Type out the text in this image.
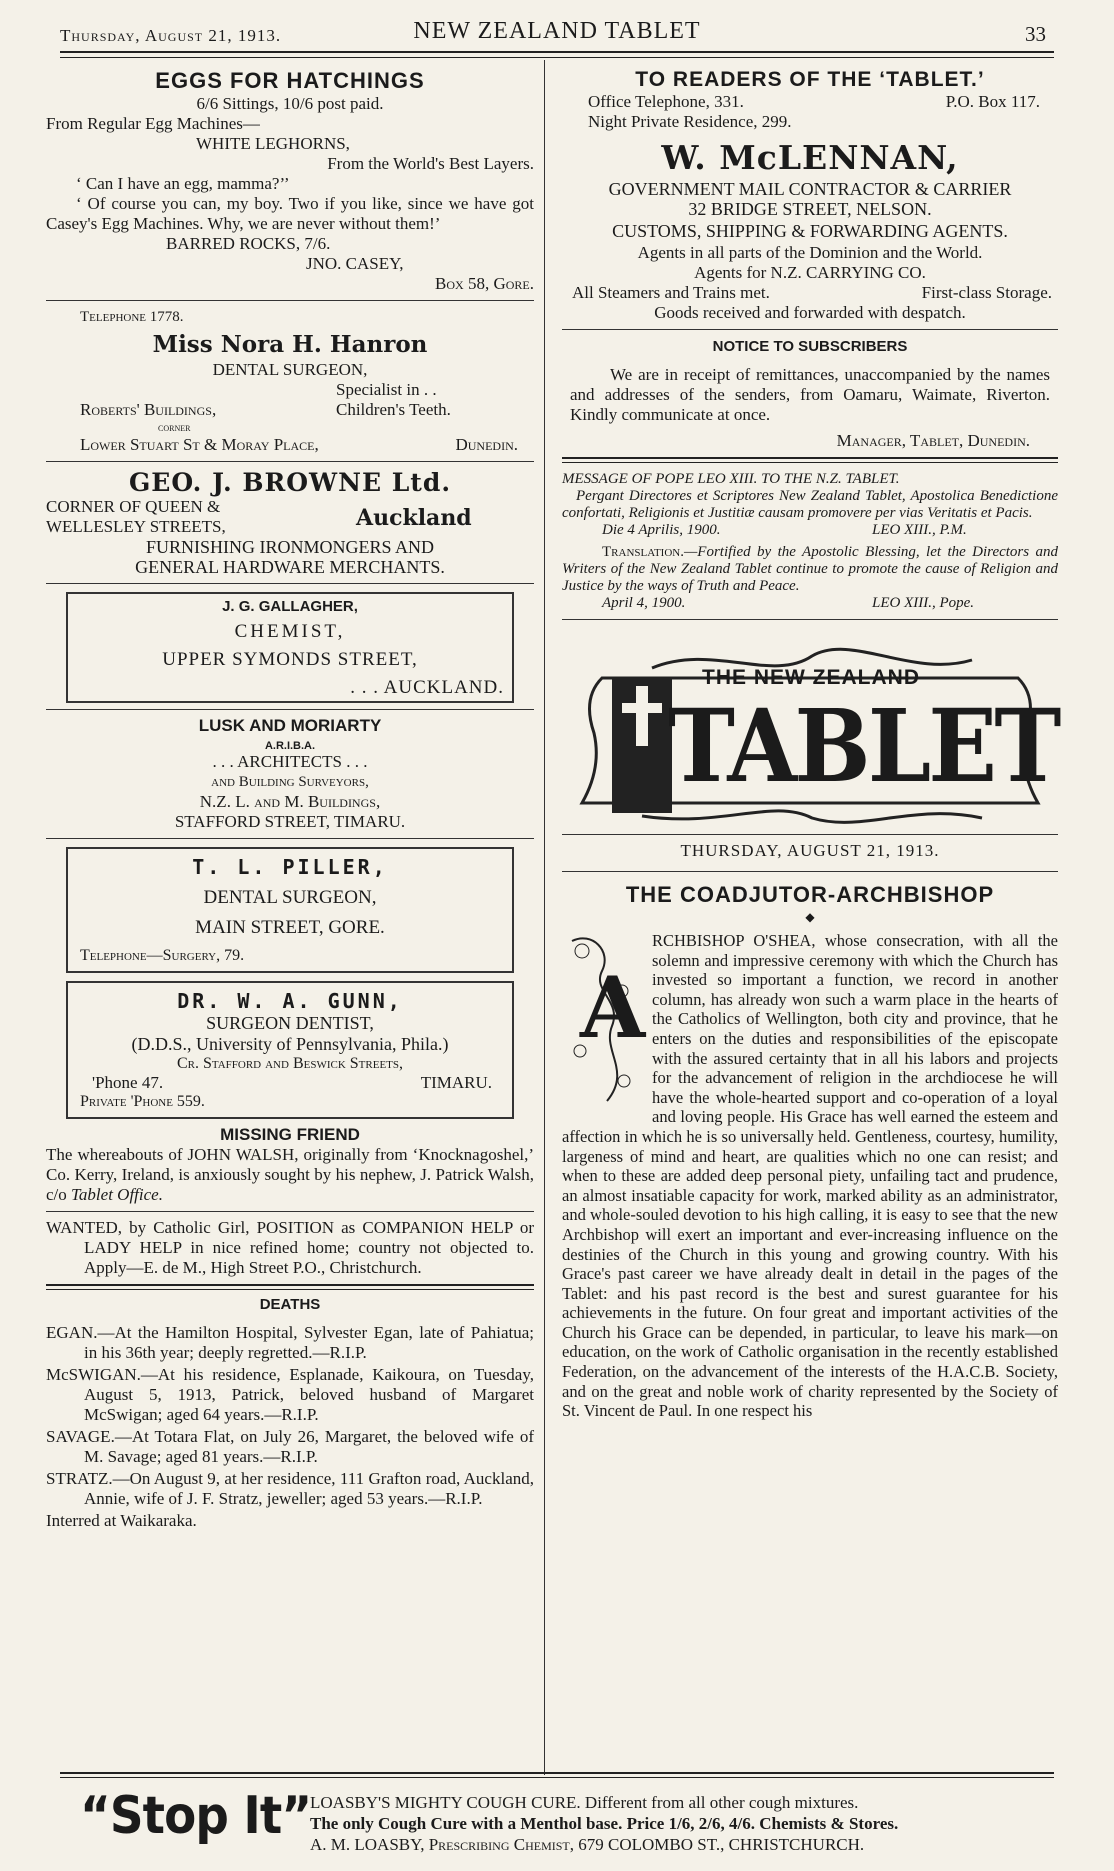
Thursday, August 21, 1913.	NEW ZEALAND TABLET	33
EGGS FOR HATCHINGS
6/6 Sittings, 10/6 post paid.
From Regular Egg Machines—
WHITE LEGHORNS,
From the World's Best Layers.
‘ Can I have an egg, mamma?’’
‘ Of course you can, my boy. Two if you like, since we have got Casey's Egg Machines. Why, we are never without them!’
BARRED ROCKS, 7/6.
JNO. CASEY,
Box 58, Gore.
Telephone 1778.
Miss Nora H. Hanron
DENTAL SURGEON,
Specialist in . .
Roberts' Buildings,	Children's Teeth.
corner
Lower Stuart St & Moray Place,	Dunedin.
GEO. J. BROWNE Ltd.
CORNER OF QUEEN &
WELLESLEY STREETS,	Auckland
FURNISHING IRONMONGERS AND
GENERAL HARDWARE MERCHANTS.
J. G. GALLAGHER,
CHEMIST,
UPPER SYMONDS STREET,
. . . AUCKLAND.
LUSK AND MORIARTY
A.R.I.B.A.
. . . ARCHITECTS . . .
and Building Surveyors,
N.Z. L. and M. Buildings,
STAFFORD STREET, TIMARU.
T. L. PILLER,
DENTAL SURGEON,
MAIN STREET, GORE.
Telephone—Surgery, 79.
DR. W. A. GUNN,
SURGEON DENTIST,
(D.D.S., University of Pennsylvania, Phila.)
Cr. Stafford and Beswick Streets,
'Phone 47.	TIMARU.
Private 'Phone 559.
MISSING FRIEND
The whereabouts of JOHN WALSH, originally from ‘Knocknagoshel,’ Co. Kerry, Ireland, is anxiously sought by his nephew, J. Patrick Walsh, c/o Tablet Office.

WANTED, by Catholic Girl, POSITION as COMPANION HELP or LADY HELP in nice refined home; country not objected to. Apply—E. de M., High Street P.O., Christchurch.

DEATHS

EGAN.—At the Hamilton Hospital, Sylvester Egan, late of Pahiatua; in his 36th year; deeply regretted.—R.I.P.

McSWIGAN.—At his residence, Esplanade, Kaikoura, on Tuesday, August 5, 1913, Patrick, beloved husband of Margaret McSwigan; aged 64 years.—R.I.P.

SAVAGE.—At Totara Flat, on July 26, Margaret, the beloved wife of M. Savage; aged 81 years.—R.I.P.

STRATZ.—On August 9, at her residence, 111 Grafton road, Auckland, Annie, wife of J. F. Stratz, jeweller; aged 53 years.—R.I.P.

Interred at Waikaraka.

TO READERS OF THE ‘TABLET.’
Office Telephone, 331.	P.O. Box 117.
Night Private Residence, 299.
W. McLENNAN,
GOVERNMENT MAIL CONTRACTOR & CARRIER
32 BRIDGE STREET, NELSON.
CUSTOMS, SHIPPING & FORWARDING AGENTS.
Agents in all parts of the Dominion and the World.
Agents for N.Z. CARRYING CO.
All Steamers and Trains met.	First-class Storage.
Goods received and forwarded with despatch.
NOTICE TO SUBSCRIBERS
We are in receipt of remittances, unaccompanied by the names and addresses of the senders, from Oamaru, Waimate, Riverton. Kindly communicate at once.
Manager, Tablet, Dunedin.
MESSAGE OF POPE LEO XIII. TO THE N.Z. TABLET.
Pergant Directores et Scriptores New Zealand Tablet, Apostolica Benedictione confortati, Religionis et Justitiæ causam promovere per vias Veritatis et Pacis.
Die 4 Aprilis, 1900.	LEO XIII., P.M.
Translation.—Fortified by the Apostolic Blessing, let the Directors and Writers of the New Zealand Tablet continue to promote the cause of Religion and Justice by the ways of Truth and Peace.
April 4, 1900.	LEO XIII., Pope.
THE NEW ZEALAND
TABLET
THURSDAY, AUGUST 21, 1913.
THE COADJUTOR-ARCHBISHOP
◆
A
RCHBISHOP O'SHEA, whose consecration, with all the solemn and impressive ceremony with which the Church has invested so important a function, we record in another column, has already won such a warm place in the hearts of the Catholics of Wellington, both city and province, that he enters on the duties and responsibilities of the episcopate with the assured certainty that in all his labors and projects for the advancement of religion in the archdiocese he will have the whole-hearted support and co-operation of a loyal and loving people. His Grace has well earned the esteem and affection in which he is so universally held. Gentleness, courtesy, humility, largeness of mind and heart, are qualities which no one can resist; and when to these are added deep personal piety, unfailing tact and prudence, an almost insatiable capacity for work, marked ability as an administrator, and whole-souled devotion to his high calling, it is easy to see that the new Archbishop will exert an important and ever-increasing influence on the destinies of the Church in this young and growing country. With his Grace's past career we have already dealt in detail in the pages of the Tablet: and his past record is the best and surest guarantee for his achievements in the future. On four great and important activities of the Church his Grace can be depended, in particular, to leave his mark—on education, on the work of Catholic organisation in the recently established Federation, on the advancement of the interests of the H.A.C.B. Society, and on the great and noble work of charity represented by the Society of St. Vincent de Paul. In one respect his
“Stop It”
LOASBY'S MIGHTY COUGH CURE. Different from all other cough mixtures.
The only Cough Cure with a Menthol base. Price 1/6, 2/6, 4/6. Chemists & Stores.
A. M. LOASBY, Prescribing Chemist, 679 COLOMBO ST., CHRISTCHURCH.
